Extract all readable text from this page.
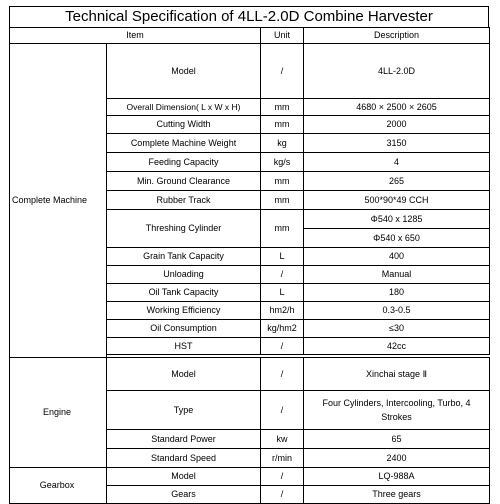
Technical Specification of 4LL-2.0D Combine Harvester
Item		Unit	Description
Complete Machine	Model	/	4LL-2.0D
	Overall Dimension( L x W x H)	mm	4680 × 2500 × 2605
	Cutting Width	mm	2000
	Complete Machine Weight	kg	3150
	Feeding Capacity	kg/s	4
	Min. Ground Clearance	mm	265
	Rubber Track	mm	500*90*49 CCH
	Threshing Cylinder	mm	Φ540 x 1285
			Φ540 x 650
	Grain Tank Capacity	L	400
	Unloading	/	Manual
	Oil Tank Capacity	L	180
	Working Efficiency	hm2/h	0.3-0.5
	Oil Consumption	kg/hm2	≤30
	HST	/	42cc

Engine	Model	/	Xinchai stage Ⅱ
	Type	/	Four Cylinders, Intercooling, Turbo, 4 Strokes
	Standard Power	kw	65
	Standard Speed	r/min	2400
Gearbox	Model	/	LQ-988A
	Gears	/	Three gears
